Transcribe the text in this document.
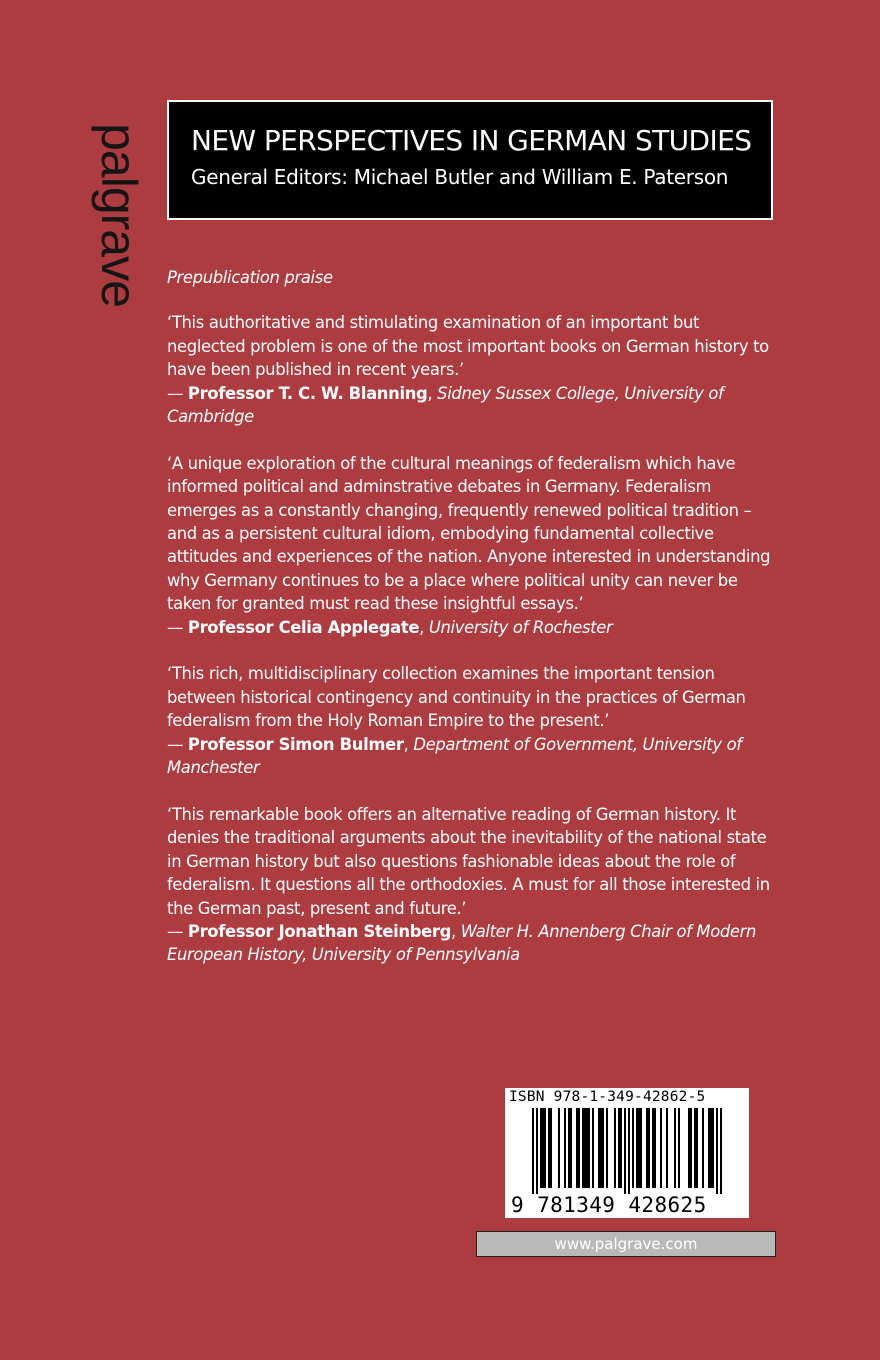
palgrave NEW PERSPECTIVES IN GERMAN STUDIES
General Editors: Michael Butler and William E. Paterson

Prepublication praise

‘This authoritative and stimulating examination of an important but neglected problem is one of the most important books on German history to have been published in recent years.’

— Professor T. C. W. Blanning, Sidney Sussex College, University of Cambridge

‘A unique exploration of the cultural meanings of federalism which have informed political and adminstrative debates in Germany. Federalism emerges as a constantly changing, frequently renewed political tradition – and as a persistent cultural idiom, embodying fundamental collective attitudes and experiences of the nation. Anyone interested in understanding why Germany continues to be a place where political unity can never be taken for granted must read these insightful essays.’

— Professor Celia Applegate, University of Rochester

‘This rich, multidisciplinary collection examines the important tension between historical contingency and continuity in the practices of German federalism from the Holy Roman Empire to the present.’

— Professor Simon Bulmer, Department of Government, University of Manchester

‘This remarkable book offers an alternative reading of German history. It denies the traditional arguments about the inevitability of the national state in German history but also questions fashionable ideas about the role of federalism. It questions all the orthodoxies. A must for all those interested in the German past, present and future.’

— Professor Jonathan Steinberg, Walter H. Annenberg Chair of Modern European History, University of Pennsylvania

ISBN 978-1-349-42862-5
9 781349 428625
www.palgrave.com
